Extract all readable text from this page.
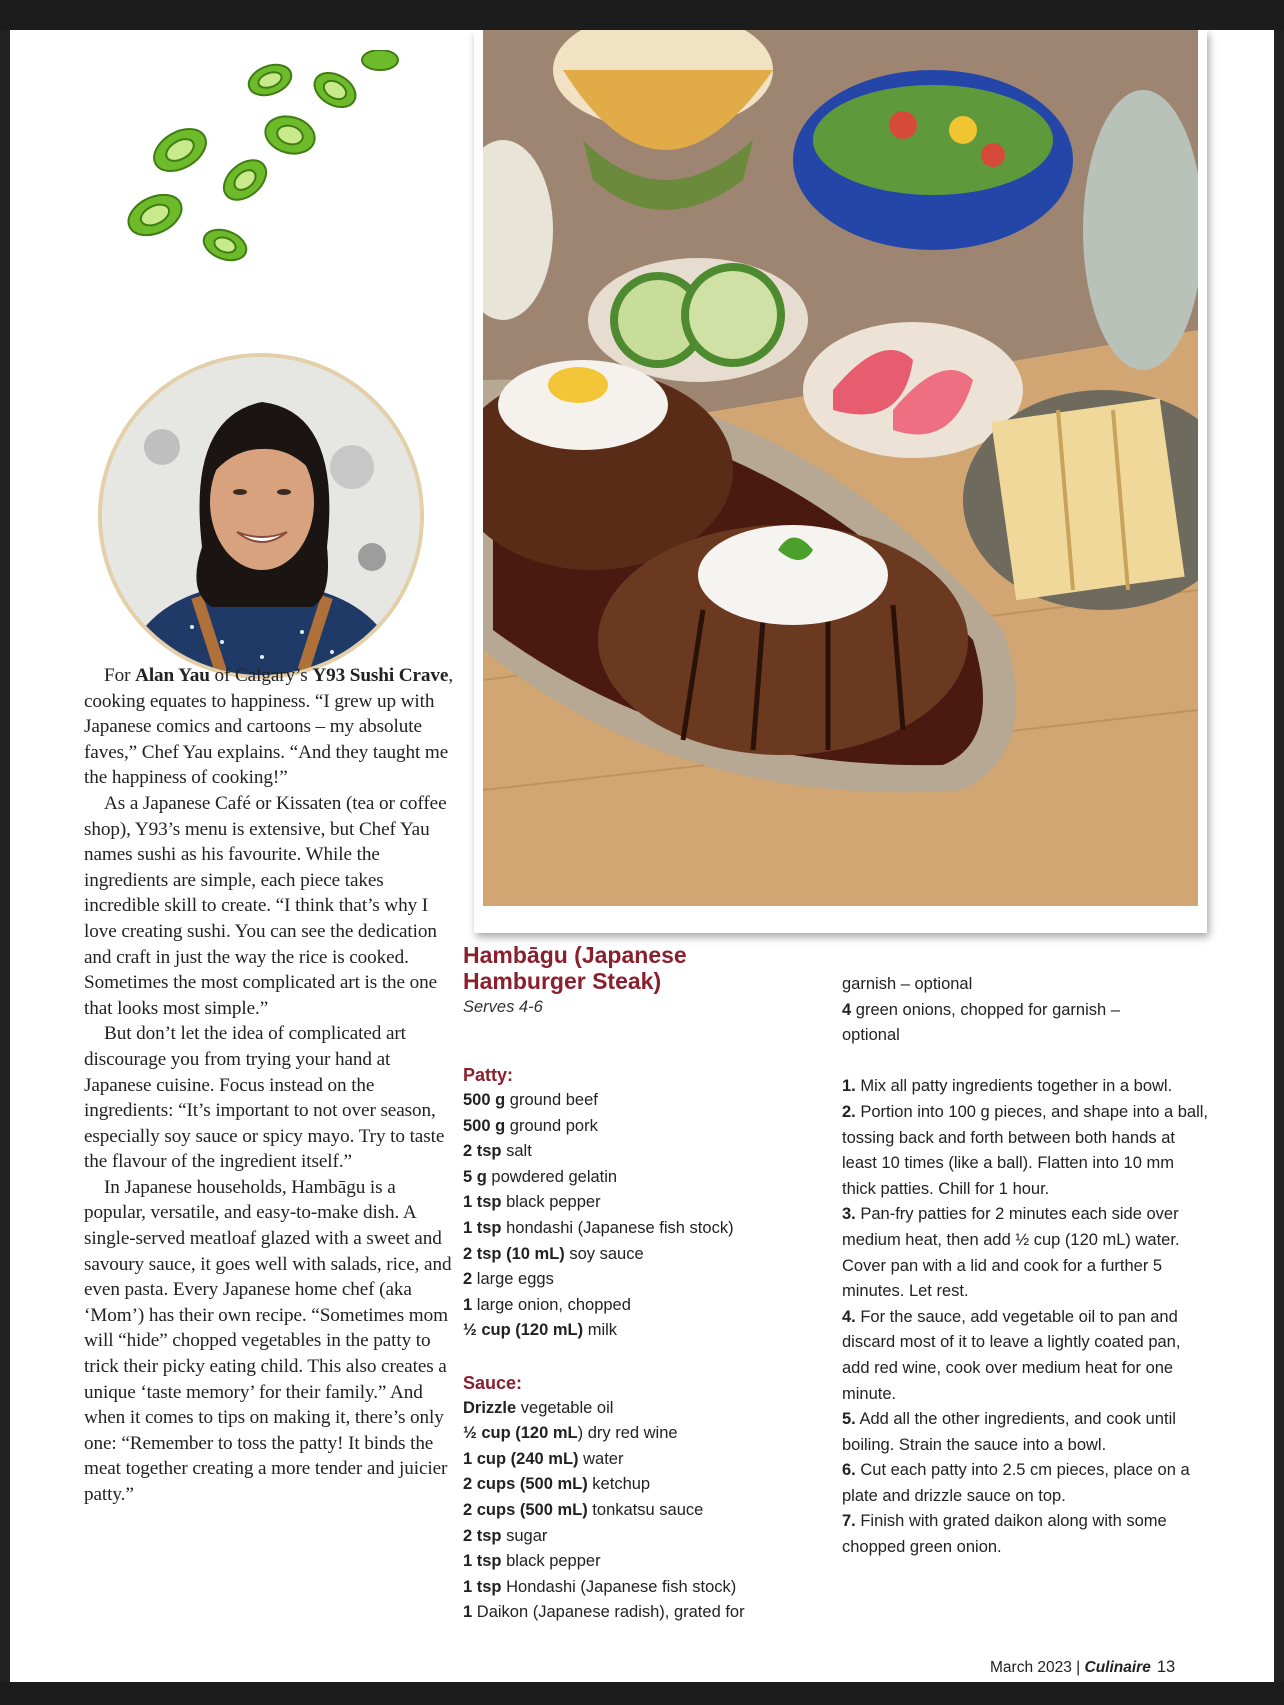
For Alan Yau of Calgary’s Y93 Sushi Crave, cooking equates to happiness. “I grew up with Japanese comics and cartoons – my absolute faves,” Chef Yau explains. “And they taught me the happiness of cooking!”

As a Japanese Café or Kissaten (tea or coffee shop), Y93’s menu is extensive, but Chef Yau names sushi as his favourite. While the ingredients are simple, each piece takes incredible skill to create. “I think that’s why I love creating sushi. You can see the dedication and craft in just the way the rice is cooked. Sometimes the most complicated art is the one that looks most simple.”

But don’t let the idea of complicated art discourage you from trying your hand at Japanese cuisine. Focus instead on the ingredients: “It’s important to not over season, especially soy sauce or spicy mayo. Try to taste the flavour of the ingredient itself.”

In Japanese households, Hambāgu is a popular, versatile, and easy-to-make dish. A single-served meatloaf glazed with a sweet and savoury sauce, it goes well with salads, rice, and even pasta. Every Japanese home chef (aka ‘Mom’) has their own recipe. “Sometimes mom will “hide” chopped vegetables in the patty to trick their picky eating child. This also creates a unique ‘taste memory’ for their family.” And when it comes to tips on making it, there’s only one: “Remember to toss the patty! It binds the meat together creating a more tender and juicier patty.”

Hambāgu (Japanese
Hamburger Steak)
Serves 4-6

Patty:

500 g ground beef

500 g ground pork

2 tsp salt

5 g powdered gelatin

1 tsp black pepper

1 tsp hondashi (Japanese fish stock)

2 tsp (10 mL) soy sauce

2 large eggs

1 large onion, chopped

½ cup (120 mL) milk

Sauce:

Drizzle vegetable oil

½ cup (120 mL) dry red wine

1 cup (240 mL) water

2 cups (500 mL) ketchup

2 cups (500 mL) tonkatsu sauce

2 tsp sugar

1 tsp black pepper

1 tsp Hondashi (Japanese fish stock)

1 Daikon (Japanese radish), grated for

garnish – optional

4 green onions, chopped for garnish –

optional

1. Mix all patty ingredients together in a bowl.

2. Portion into 100 g pieces, and shape into a ball, tossing back and forth between both hands at least 10 times (like a ball). Flatten into 10 mm thick patties. Chill for 1 hour.

3. Pan-fry patties for 2 minutes each side over medium heat, then add ½ cup (120 mL) water. Cover pan with a lid and cook for a further 5 minutes. Let rest.

4. For the sauce, add vegetable oil to pan and discard most of it to leave a lightly coated pan, add red wine, cook over medium heat for one minute.

5. Add all the other ingredients, and cook until boiling. Strain the sauce into a bowl.

6. Cut each patty into 2.5 cm pieces, place on a plate and drizzle sauce on top.

7. Finish with grated daikon along with some chopped green onion.

March 2023 | Culinaire 13
